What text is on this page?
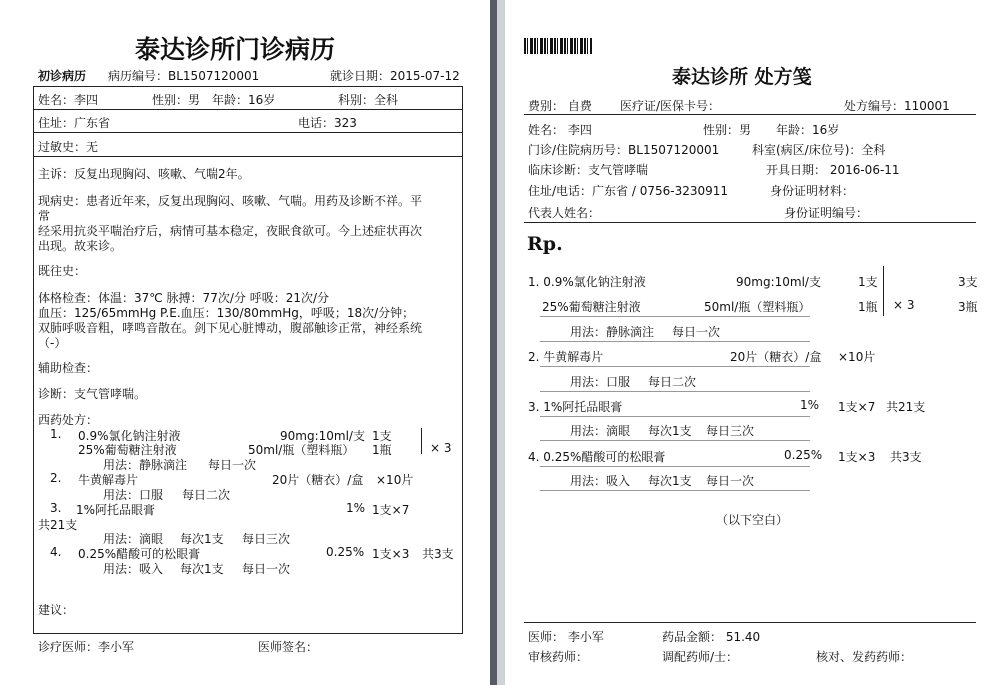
泰达诊所门诊病历
初诊病历 病历编号：BL1507120001	就诊日期：2015-07-12
姓名：李四	性别：男 年龄：16岁	科别：全科
住址：广东省	电话：323
过敏史：无
主诉：反复出现胸闷、咳嗽、气喘2年。
现病史：患者近年来，反复出现胸闷、咳嗽、气喘。用药及诊断不祥。平
常
经采用抗炎平喘治疗后，病情可基本稳定，夜眠食欲可。今上述症状再次
出现。故来诊。
既往史：
体格检查：体温：37℃ 脉搏：77次/分 呼吸：21次/分
血压：125/65mmHg P.E.血压：130/80mmHg，呼吸；18次/分钟；
双肺呼吸音粗，哮鸣音散在。剑下见心脏博动，腹部触诊正常，神经系统
（-）
辅助检查：
诊断：支气管哮喘。
西药处方：
1. 0.9%氯化钠注射液	90mg:10ml/支 1支
25%葡萄糖注射液	50ml/瓶（塑料瓶） 1瓶	× 3
用法：静脉滴注 每日一次
2. 牛黄解毒片	20片（糖衣）/盒 ×10片
用法：口服 每日二次
3. 1%阿托品眼膏	1% 1支×7
共21支
用法：滴眼 每次1支 每日三次
4. 0.25%醋酸可的松眼膏	0.25% 1支×3 共3支
用法：吸入 每次1支 每日一次
建议：
诊疗医师：李小军	医师签名：
泰达诊所 处方笺
费别： 自费 医疗证/医保卡号：	处方编号：110001
姓名： 李四	性别：男 年龄：16岁
门诊/住院病历号：BL1507120001	科室(病区/床位号)：全科
临床诊断：支气管哮喘	开具日期： 2016-06-11
住址/电话：广东省 / 0756-3230911	身份证明材料：
代表人姓名：	身份证明编号：
Rp.
1. 0.9%氯化钠注射液	90mg:10ml/支	1支	3支
25%葡萄糖注射液	50ml/瓶（塑料瓶）	1瓶 × 3	3瓶
用法：静脉滴注 每日一次
2. 牛黄解毒片	20片（糖衣）/盒 ×10片
用法：口服 每日二次
3. 1%阿托品眼膏	1% 1支×7 共21支
用法：滴眼 每次1支 每日三次
4. 0.25%醋酸可的松眼膏	0.25% 1支×3 共3支
用法：吸入 每次1支 每日一次
（以下空白）
医师： 李小军	药品金额： 51.40
审核药师：	调配药师/士：	核对、发药药师：
